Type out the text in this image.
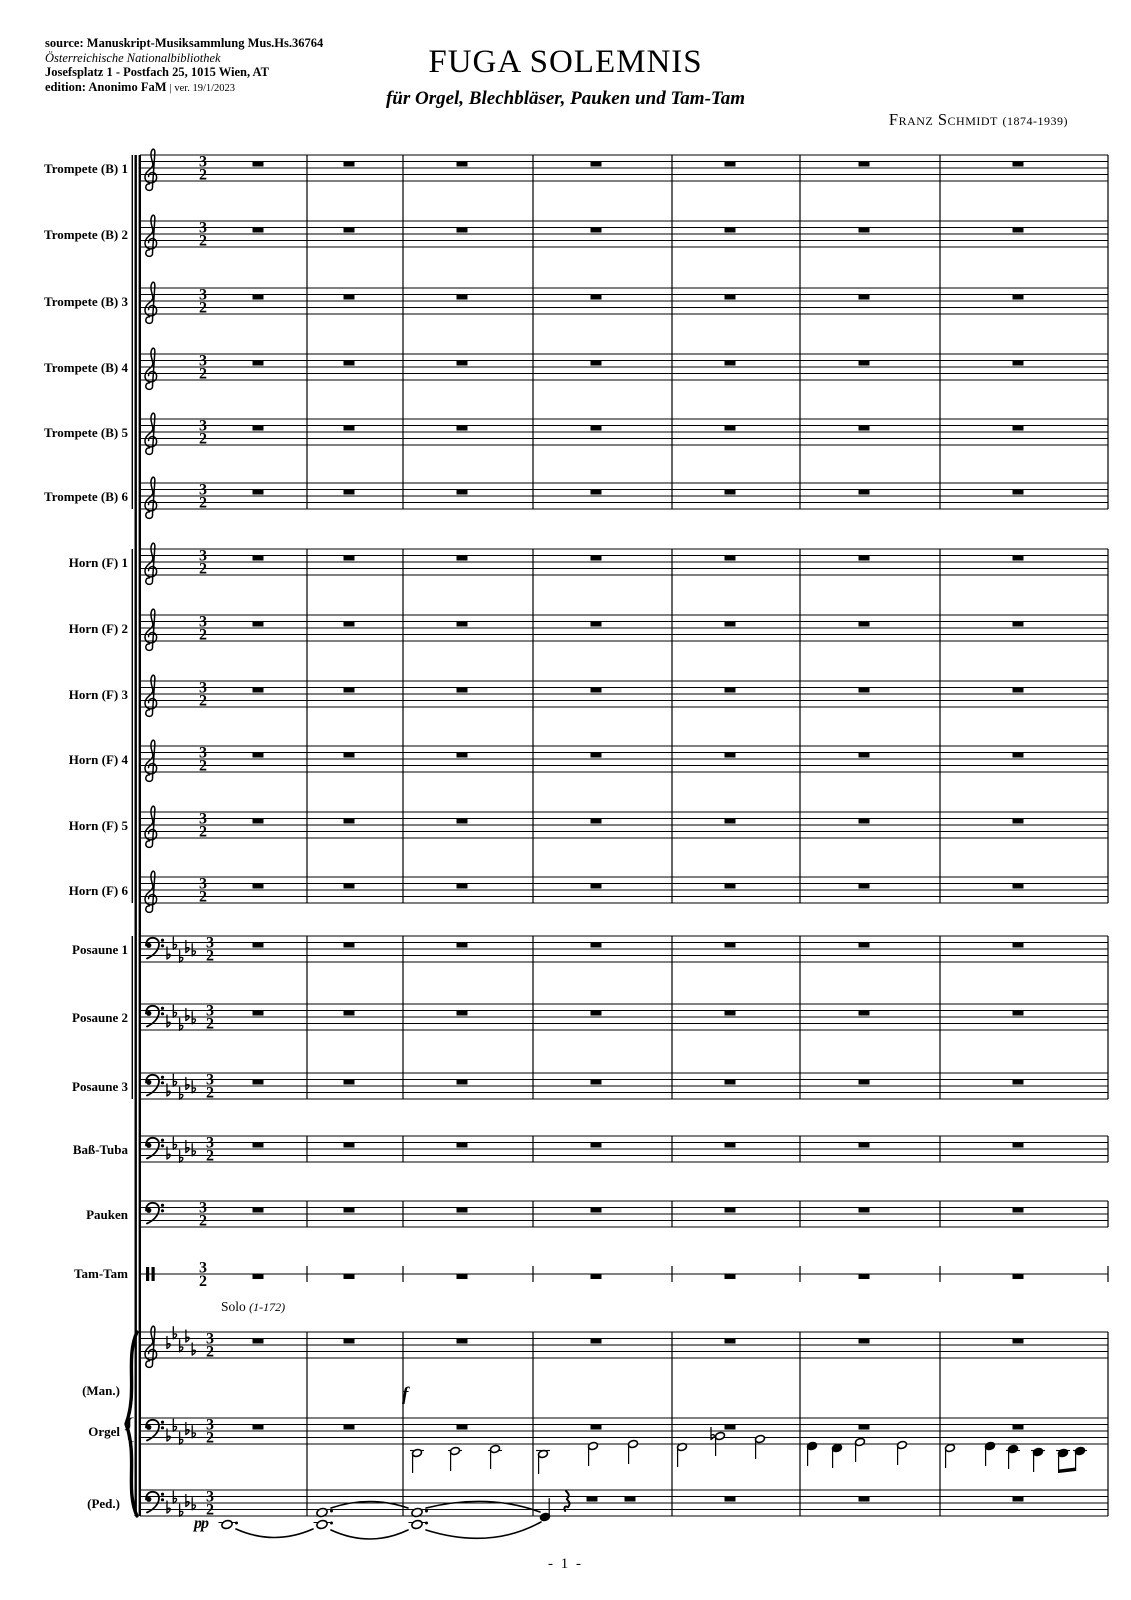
source: Manuskript-Musiksammlung Mus.Hs.36764
Österreichische Nationalbibliothek
Josefsplatz 1 - Postfach 25, 1015 Wien, AT
edition: Anonimo FaM | ver. 19/1/2023
FUGA SOLEMNIS
für Orgel, Blechbläser, Pauken und Tam-Tam
Franz Schmidt (1874-1939)
3
2
3
2
3
2
3
2
3
2
3
2
3
2
3
2
3
2
3
2
3
2
3
2
3
2
3
2
3
2
3
2
3
2
3
2
3
2
3
2
3
2
Solo (1-172)
f
pp
(Man.)
Orgel {
(Ped.)
- 1 -
Trompete (B) 1
Trompete (B) 2
Trompete (B) 3
Trompete (B) 4
Trompete (B) 5
Trompete (B) 6
Horn (F) 1
Horn (F) 2
Horn (F) 3
Horn (F) 4
Horn (F) 5
Horn (F) 6
Posaune 1
Posaune 2
Posaune 3
Baß-Tuba
Pauken
Tam-Tam
